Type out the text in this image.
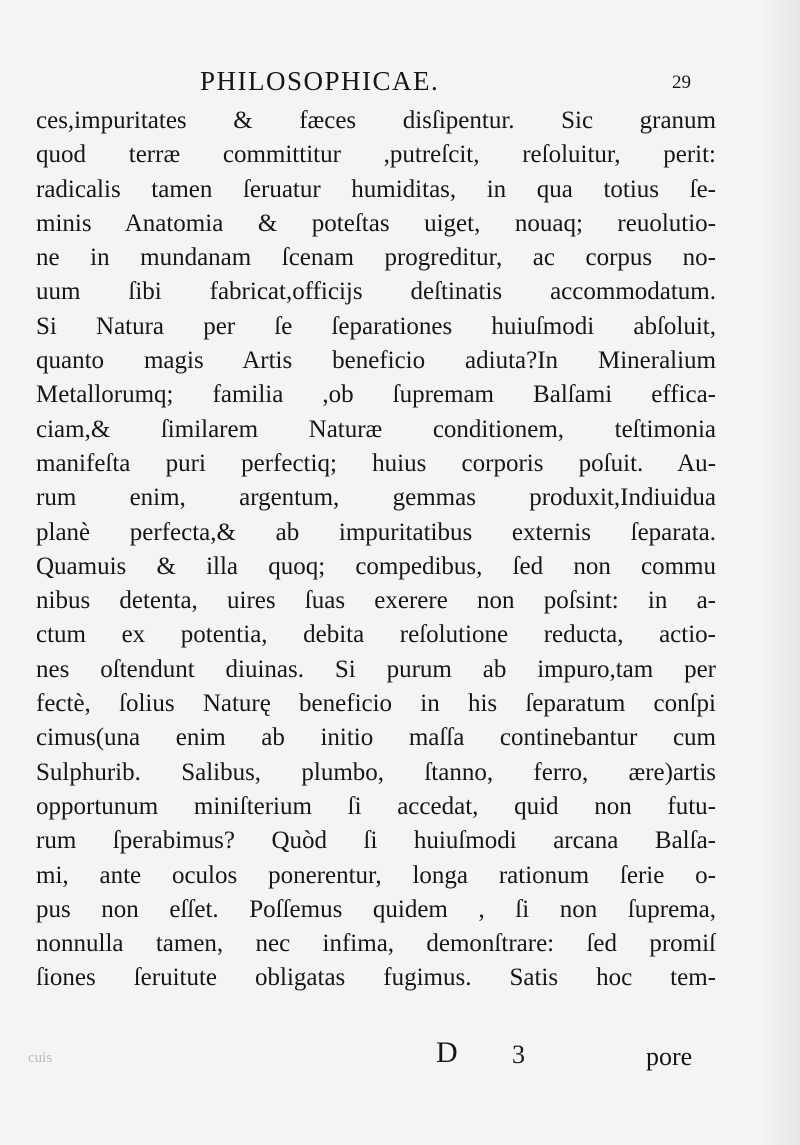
PHILOSOPHICAE.	29
ces,impuritates & fæces disſipentur. Sic granum
quod terræ committitur ,putreſcit, reſoluitur, perit:
radicalis tamen ſeruatur humiditas, in qua totius ſe-
minis Anatomia & poteſtas uiget, nouaq; reuolutio-
ne in mundanam ſcenam progreditur, ac corpus no-
uum ſibi fabricat,officijs deſtinatis accommodatum.
Si Natura per ſe ſeparationes huiuſmodi abſoluit,
quanto magis Artis beneficio adiuta?In Mineralium
Metallorumq; familia ,ob ſupremam Balſami effica-
ciam,& ſimilarem Naturæ conditionem, teſtimonia
manifeſta puri perfectiq; huius corporis poſuit. Au-
rum enim, argentum, gemmas produxit,Indiuidua
planè perfecta,& ab impuritatibus externis ſeparata.
Quamuis & illa quoq; compedibus, ſed non commu
nibus detenta, uires ſuas exerere non poſsint: in a-
ctum ex potentia, debita reſolutione reducta, actio-
nes oſtendunt diuinas. Si purum ab impuro,tam per
fectè, ſolius Naturę beneficio in his ſeparatum conſpi
cimus(una enim ab initio maſſa continebantur cum
Sulphurib. Salibus, plumbo, ſtanno, ferro, ære)artis
opportunum miniſterium ſi accedat, quid non futu-
rum ſperabimus? Quòd ſi huiuſmodi arcana Balſa-
mi, ante oculos ponerentur, longa rationum ſerie o-
pus non eſſet. Poſſemus quidem , ſi non ſuprema,
nonnulla tamen, nec infima, demonſtrare: ſed promiſ
ſiones ſeruitute obligatas fugimus. Satis hoc tem-
cuis	D 3	pore
